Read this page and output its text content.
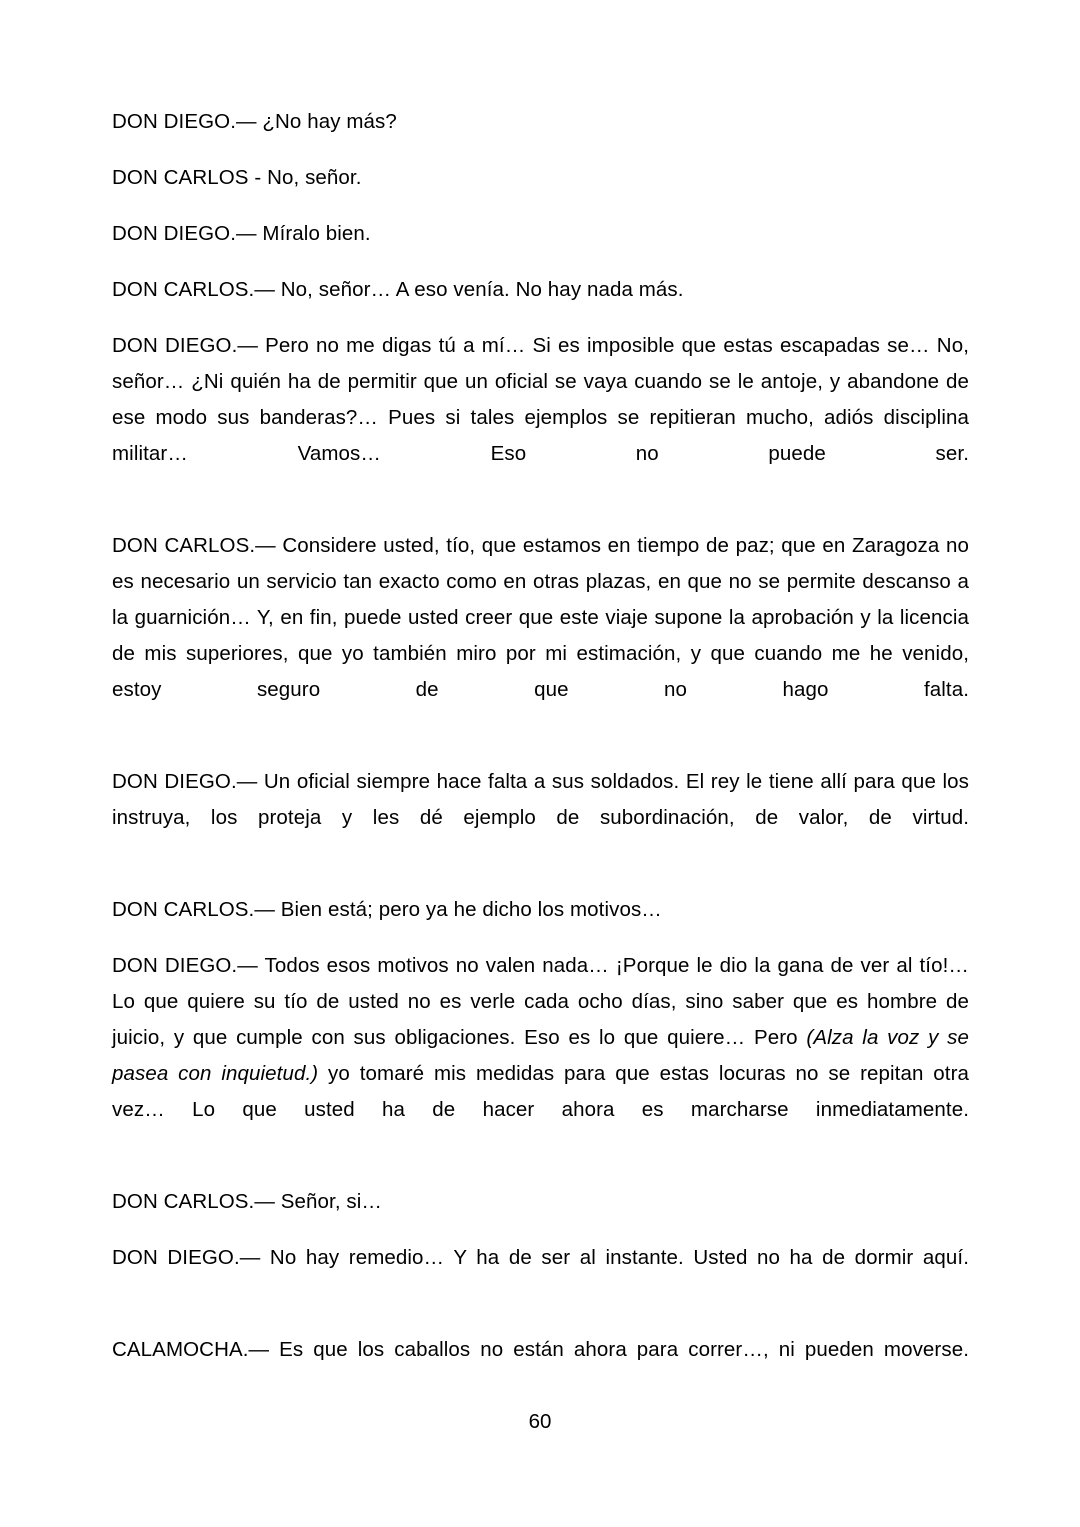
DON DIEGO.— ¿No hay más?

DON CARLOS - No, señor.

DON DIEGO.— Míralo bien.

DON CARLOS.— No, señor… A eso venía. No hay nada más.

DON DIEGO.— Pero no me digas tú a mí… Si es imposible que estas escapadas se… No, señor… ¿Ni quién ha de permitir que un oficial se vaya cuando se le antoje, y abandone de ese modo sus banderas?… Pues si tales ejemplos se repitieran mucho, adiós disciplina militar… Vamos… Eso no puede ser.

DON CARLOS.— Considere usted, tío, que estamos en tiempo de paz; que en Zaragoza no es necesario un servicio tan exacto como en otras plazas, en que no se permite descanso a la guarnición… Y, en fin, puede usted creer que este viaje supone la aprobación y la licencia de mis superiores, que yo también miro por mi estimación, y que cuando me he venido, estoy seguro de que no hago falta.

DON DIEGO.— Un oficial siempre hace falta a sus soldados. El rey le tiene allí para que los instruya, los proteja y les dé ejemplo de subordinación, de valor, de virtud.

DON CARLOS.— Bien está; pero ya he dicho los motivos…

DON DIEGO.— Todos esos motivos no valen nada… ¡Porque le dio la gana de ver al tío!… Lo que quiere su tío de usted no es verle cada ocho días, sino saber que es hombre de juicio, y que cumple con sus obligaciones. Eso es lo que quiere… Pero (Alza la voz y se pasea con inquietud.) yo tomaré mis medidas para que estas locuras no se repitan otra vez… Lo que usted ha de hacer ahora es marcharse inmediatamente.

DON CARLOS.— Señor, si…

DON DIEGO.— No hay remedio… Y ha de ser al instante. Usted no ha de dormir aquí.

CALAMOCHA.— Es que los caballos no están ahora para correr…, ni pueden moverse.

60
